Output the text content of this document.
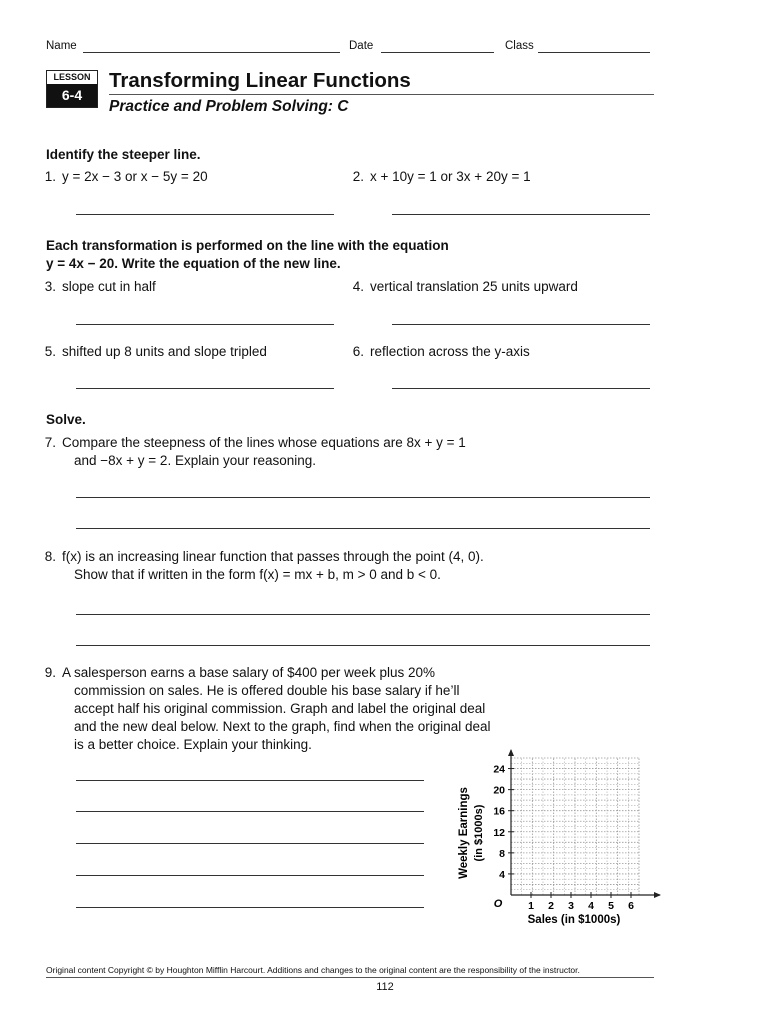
Name	Date	Class
LESSON
6-4
Transforming Linear Functions
Practice and Problem Solving: C
Identify the steeper line.
1. y = 2x − 3 or x − 5y = 20	2. x + 10y = 1 or 3x + 20y = 1
Each transformation is performed on the line with the equation
y = 4x − 20. Write the equation of the new line.
3. slope cut in half	4. vertical translation 25 units upward
5. shifted up 8 units and slope tripled	6. reflection across the y-axis
Solve.
7. Compare the steepness of the lines whose equations are 8x + y = 1
and −8x + y = 2. Explain your reasoning.
8. f(x) is an increasing linear function that passes through the point (4, 0).
Show that if written in the form f(x) = mx + b, m > 0 and b < 0.
9. A salesperson earns a base salary of $400 per week plus 20%
commission on sales. He is offered double his base salary if he’ll
accept half his original commission. Graph and label the original deal
and the new deal below. Next to the graph, find when the original deal
is a better choice. Explain your thinking.
O
4
8
12
16
20
24
1 2 3 4 5 6
Weekly Earnings (in $1000s)
Sales (in $1000s)
Original content Copyright © by Houghton Mifflin Harcourt. Additions and changes to the original content are the responsibility of the instructor.
112
